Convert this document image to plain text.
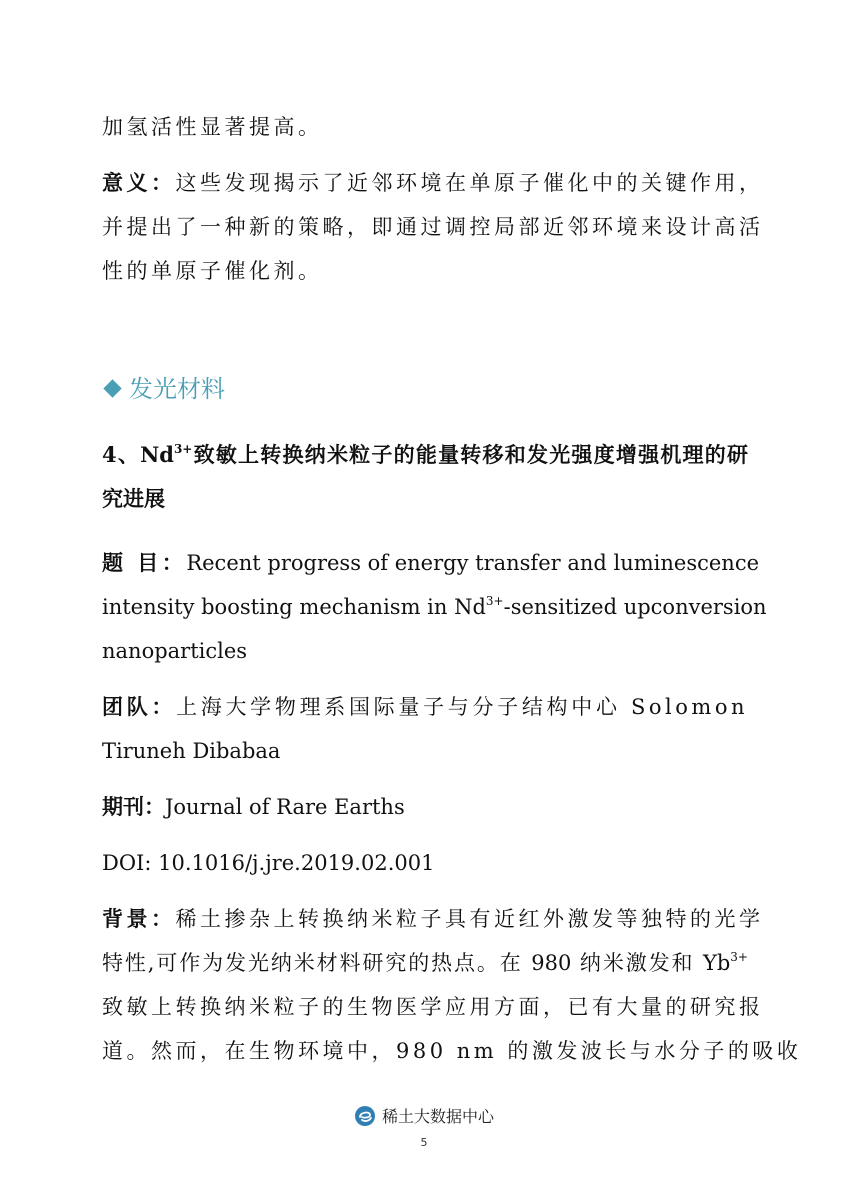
加氢活性显著提高。
意义：这些发现揭示了近邻环境在单原子催化中的关键作用，
并提出了一种新的策略，即通过调控局部近邻环境来设计高活
性的单原子催化剂。
发光材料
4、$Nd^{3+}$致敏上转换纳米粒子的能量转移和发光强度增强机理的研
究进展
题 目：Recent progress of energy transfer and luminescence
intensity boosting mechanism in $Nd^{3+}$-sensitized upconversion
nanoparticles
团队：上海大学物理系国际量子与分子结构中心 Solomon
Tiruneh Dibabaa
期刊：Journal of Rare Earths
DOI: 10.1016/j.jre.2019.02.001
背景：稀土掺杂上转换纳米粒子具有近红外激发等独特的光学
特性,可作为发光纳米材料研究的热点。在 980 纳米激发和 $Yb^{3+}$
致敏上转换纳米粒子的生物医学应用方面，已有大量的研究报
道。然而，在生物环境中，980 nm 的激发波长与水分子的吸收
稀土大数据中心
5
